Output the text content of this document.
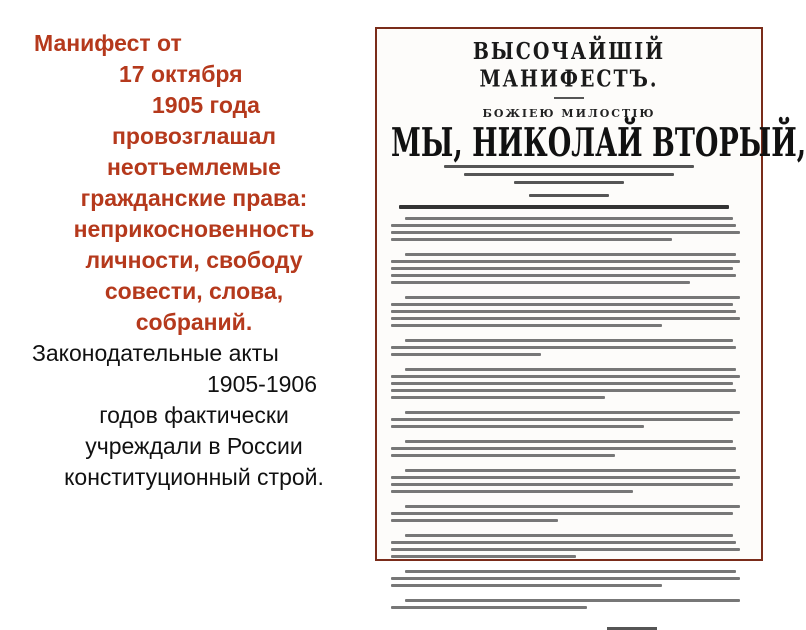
Манифест от
17 октября
1905 года
провозглашал
неотъемлемые
гражданские права:
неприкосновенность
личности, свободу
совести, слова,
собраний.
Законодательные акты
1905-1906
годов фактически
учреждали в России
конституционный строй.
ВЫСОЧАЙШІЙ МАНИФЕСТЪ.
БОЖІЕЮ МИЛОСТІЮ
МЫ, НИКОЛАЙ ВТОРЫЙ,
